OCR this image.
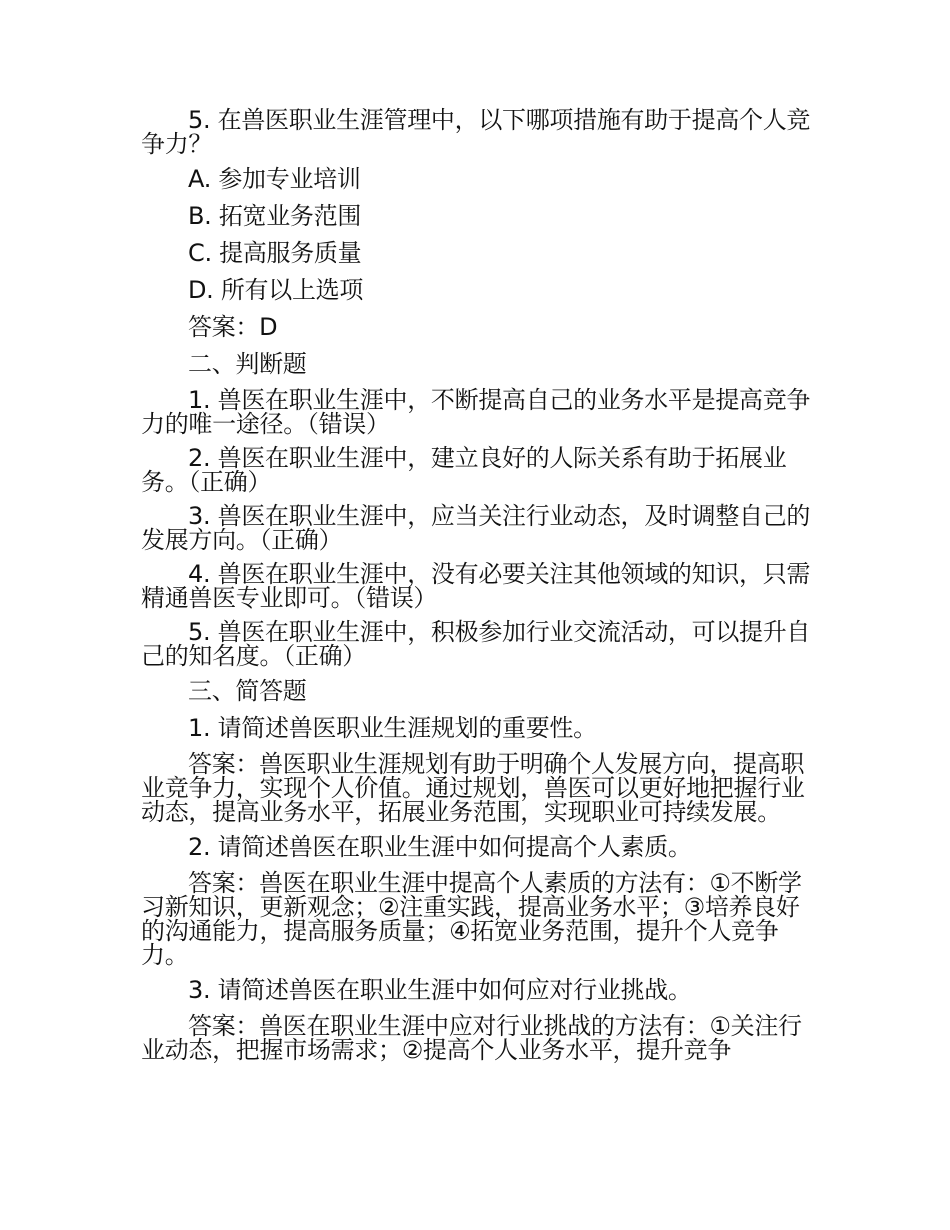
5. 在兽医职业生涯管理中，以下哪项措施有助于提高个人竞争力？

A. 参加专业培训

B. 拓宽业务范围

C. 提高服务质量

D. 所有以上选项

答案：D

二、判断题

1. 兽医在职业生涯中，不断提高自己的业务水平是提高竞争力的唯一途径。（错误）

2. 兽医在职业生涯中，建立良好的人际关系有助于拓展业务。（正确）

3. 兽医在职业生涯中，应当关注行业动态，及时调整自己的发展方向。（正确）

4. 兽医在职业生涯中，没有必要关注其他领域的知识，只需精通兽医专业即可。（错误）

5. 兽医在职业生涯中，积极参加行业交流活动，可以提升自己的知名度。（正确）

三、简答题

1. 请简述兽医职业生涯规划的重要性。

答案：兽医职业生涯规划有助于明确个人发展方向，提高职业竞争力，实现个人价值。通过规划，兽医可以更好地把握行业动态，提高业务水平，拓展业务范围，实现职业可持续发展。

2. 请简述兽医在职业生涯中如何提高个人素质。

答案：兽医在职业生涯中提高个人素质的方法有：①不断学习新知识，更新观念；②注重实践，提高业务水平；③培养良好的沟通能力，提高服务质量；④拓宽业务范围，提升个人竞争力。

3. 请简述兽医在职业生涯中如何应对行业挑战。

答案：兽医在职业生涯中应对行业挑战的方法有：①关注行业动态，把握市场需求；②提高个人业务水平，提升竞争
